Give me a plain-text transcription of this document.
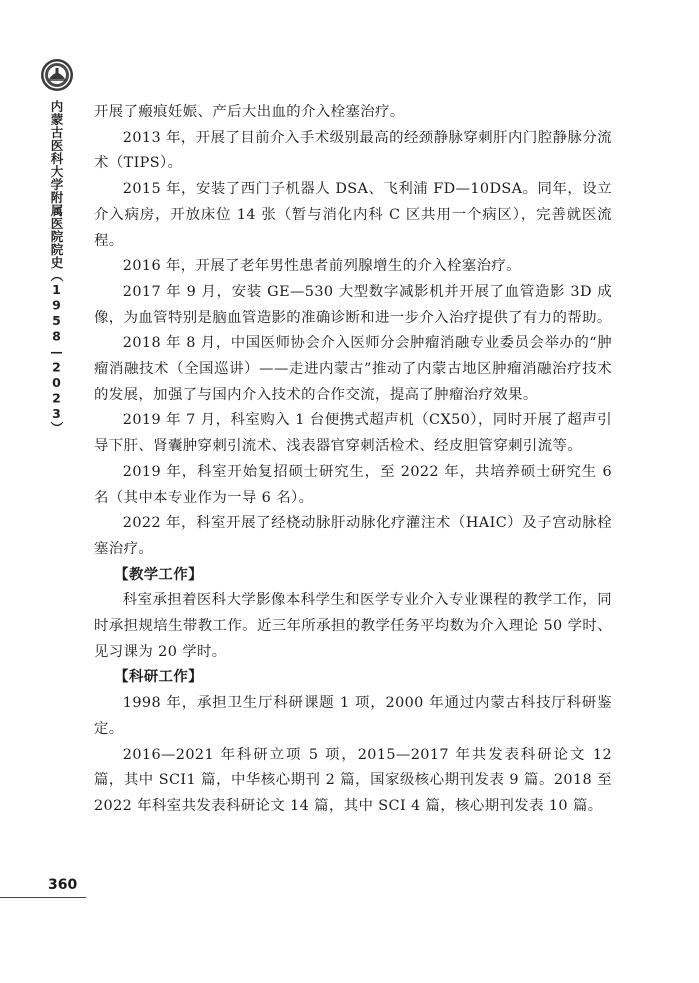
内蒙古医科大学附属医院院史（1958—2023）
360

开展了瘢痕妊娠、产后大出血的介入栓塞治疗。

2013 年，开展了目前介入手术级别最高的经颈静脉穿刺肝内门腔静脉分流术（TIPS）。

2015 年，安装了西门子机器人 DSA、飞利浦 FD—10DSA。同年，设立介入病房，开放床位 14 张（暂与消化内科 C 区共用一个病区），完善就医流程。

2016 年，开展了老年男性患者前列腺增生的介入栓塞治疗。

2017 年 9 月，安装 GE—530 大型数字减影机并开展了血管造影 3D 成像，为血管特别是脑血管造影的准确诊断和进一步介入治疗提供了有力的帮助。

2018 年 8 月，中国医师协会介入医师分会肿瘤消融专业委员会举办的“肿瘤消融技术（全国巡讲）——走进内蒙古”推动了内蒙古地区肿瘤消融治疗技术的发展，加强了与国内介入技术的合作交流，提高了肿瘤治疗效果。

2019 年 7 月，科室购入 1 台便携式超声机（CX50），同时开展了超声引导下肝、肾囊肿穿刺引流术、浅表器官穿刺活检术、经皮胆管穿刺引流等。

2019 年，科室开始复招硕士研究生，至 2022 年，共培养硕士研究生 6 名（其中本专业作为一导 6 名）。

2022 年，科室开展了经桡动脉肝动脉化疗灌注术（HAIC）及子宫动脉栓塞治疗。

【教学工作】

科室承担着医科大学影像本科学生和医学专业介入专业课程的教学工作，同时承担规培生带教工作。近三年所承担的教学任务平均数为介入理论 50 学时、见习课为 20 学时。

【科研工作】

1998 年，承担卫生厅科研课题 1 项，2000 年通过内蒙古科技厅科研鉴定。

2016—2021 年科研立项 5 项，2015—2017 年共发表科研论文 12 篇，其中 SCI1 篇，中华核心期刊 2 篇，国家级核心期刊发表 9 篇。2018 至 2022 年科室共发表科研论文 14 篇，其中 SCI 4 篇，核心期刊发表 10 篇。
